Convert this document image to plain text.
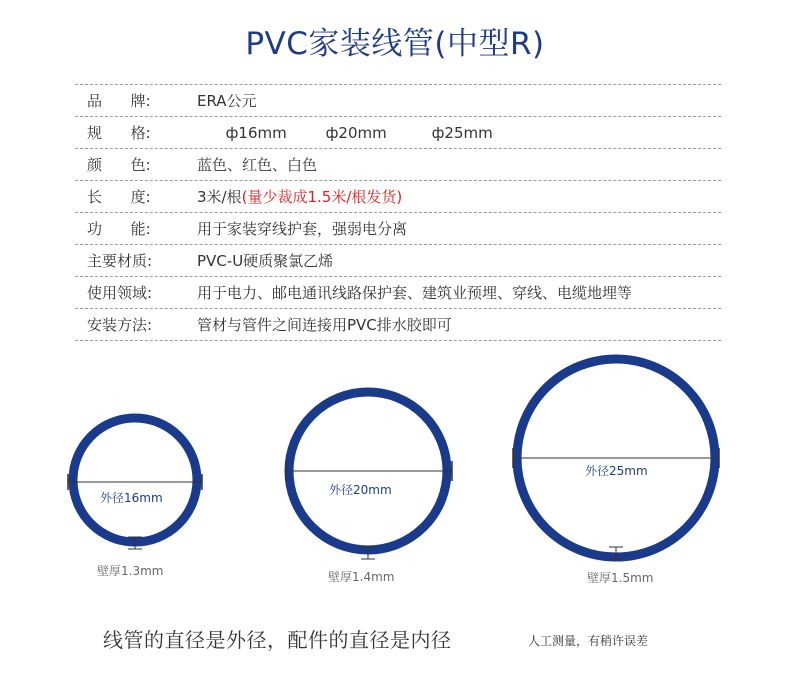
PVC家装线管(中型R)
品      牌:	ERA公元
规      格:	ф16mm	ф20mm	ф25mm

颜      色:	蓝色、红色、白色
长      度:	3米/根(量少裁成1.5米/根发货)
功      能:	用于家装穿线护套，强弱电分离
主要材质:	PVC-U硬质聚氯乙烯
使用领域:	用于电力、邮电通讯线路保护套、建筑业预埋、穿线、电缆地埋等
安装方法:	管材与管件之间连接用PVC排水胶即可
外径16mm
壁厚1.3mm
外径20mm
壁厚1.4mm
外径25mm
壁厚1.5mm
线管的直径是外径，配件的直径是内径	人工测量，有稍许误差
